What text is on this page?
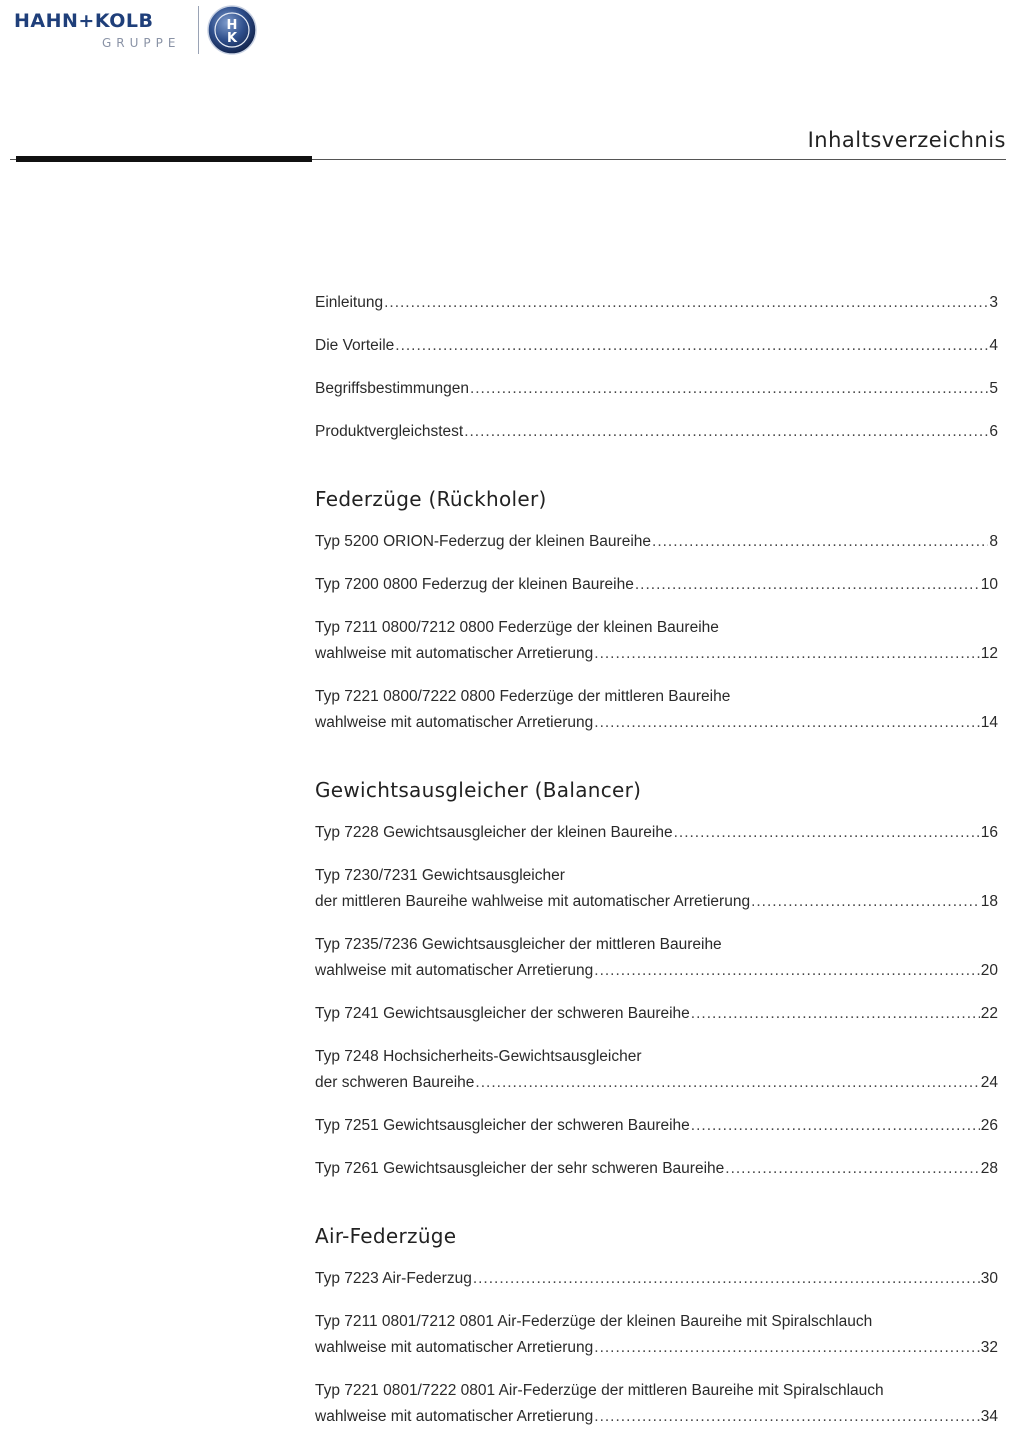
HAHN+KOLB
GRUPPE
H
K
Inhaltsverzeichnis
Einleitung .....	3
Die Vorteile .....	4
Begriffsbestimmungen .....	5
Produktvergleichstest .....	6
Federzüge (Rückholer)
Typ 5200 ORION-Federzug der kleinen Baureihe .....	8
Typ 7200 0800 Federzug der kleinen Baureihe .....	10
Typ 7211 0800/7212 0800 Federzüge der kleinen Baureihe
wahlweise mit automatischer Arretierung .....	12
Typ 7221 0800/7222 0800 Federzüge der mittleren Baureihe
wahlweise mit automatischer Arretierung .....	14
Gewichtsausgleicher (Balancer)
Typ 7228 Gewichtsausgleicher der kleinen Baureihe .....	16
Typ 7230/7231 Gewichtsausgleicher
der mittleren Baureihe wahlweise mit automatischer Arretierung .....	18
Typ 7235/7236 Gewichtsausgleicher der mittleren Baureihe
wahlweise mit automatischer Arretierung .....	20
Typ 7241 Gewichtsausgleicher der schweren Baureihe .....	22
Typ 7248 Hochsicherheits-Gewichtsausgleicher
der schweren Baureihe .....	24
Typ 7251 Gewichtsausgleicher der schweren Baureihe .....	26
Typ 7261 Gewichtsausgleicher der sehr schweren Baureihe .....	28
Air-Federzüge
Typ 7223 Air-Federzug .....	30
Typ 7211 0801/7212 0801 Air-Federzüge der kleinen Baureihe mit Spiralschlauch
wahlweise mit automatischer Arretierung .....	32
Typ 7221 0801/7222 0801 Air-Federzüge der mittleren Baureihe mit Spiralschlauch
wahlweise mit automatischer Arretierung .....	34
